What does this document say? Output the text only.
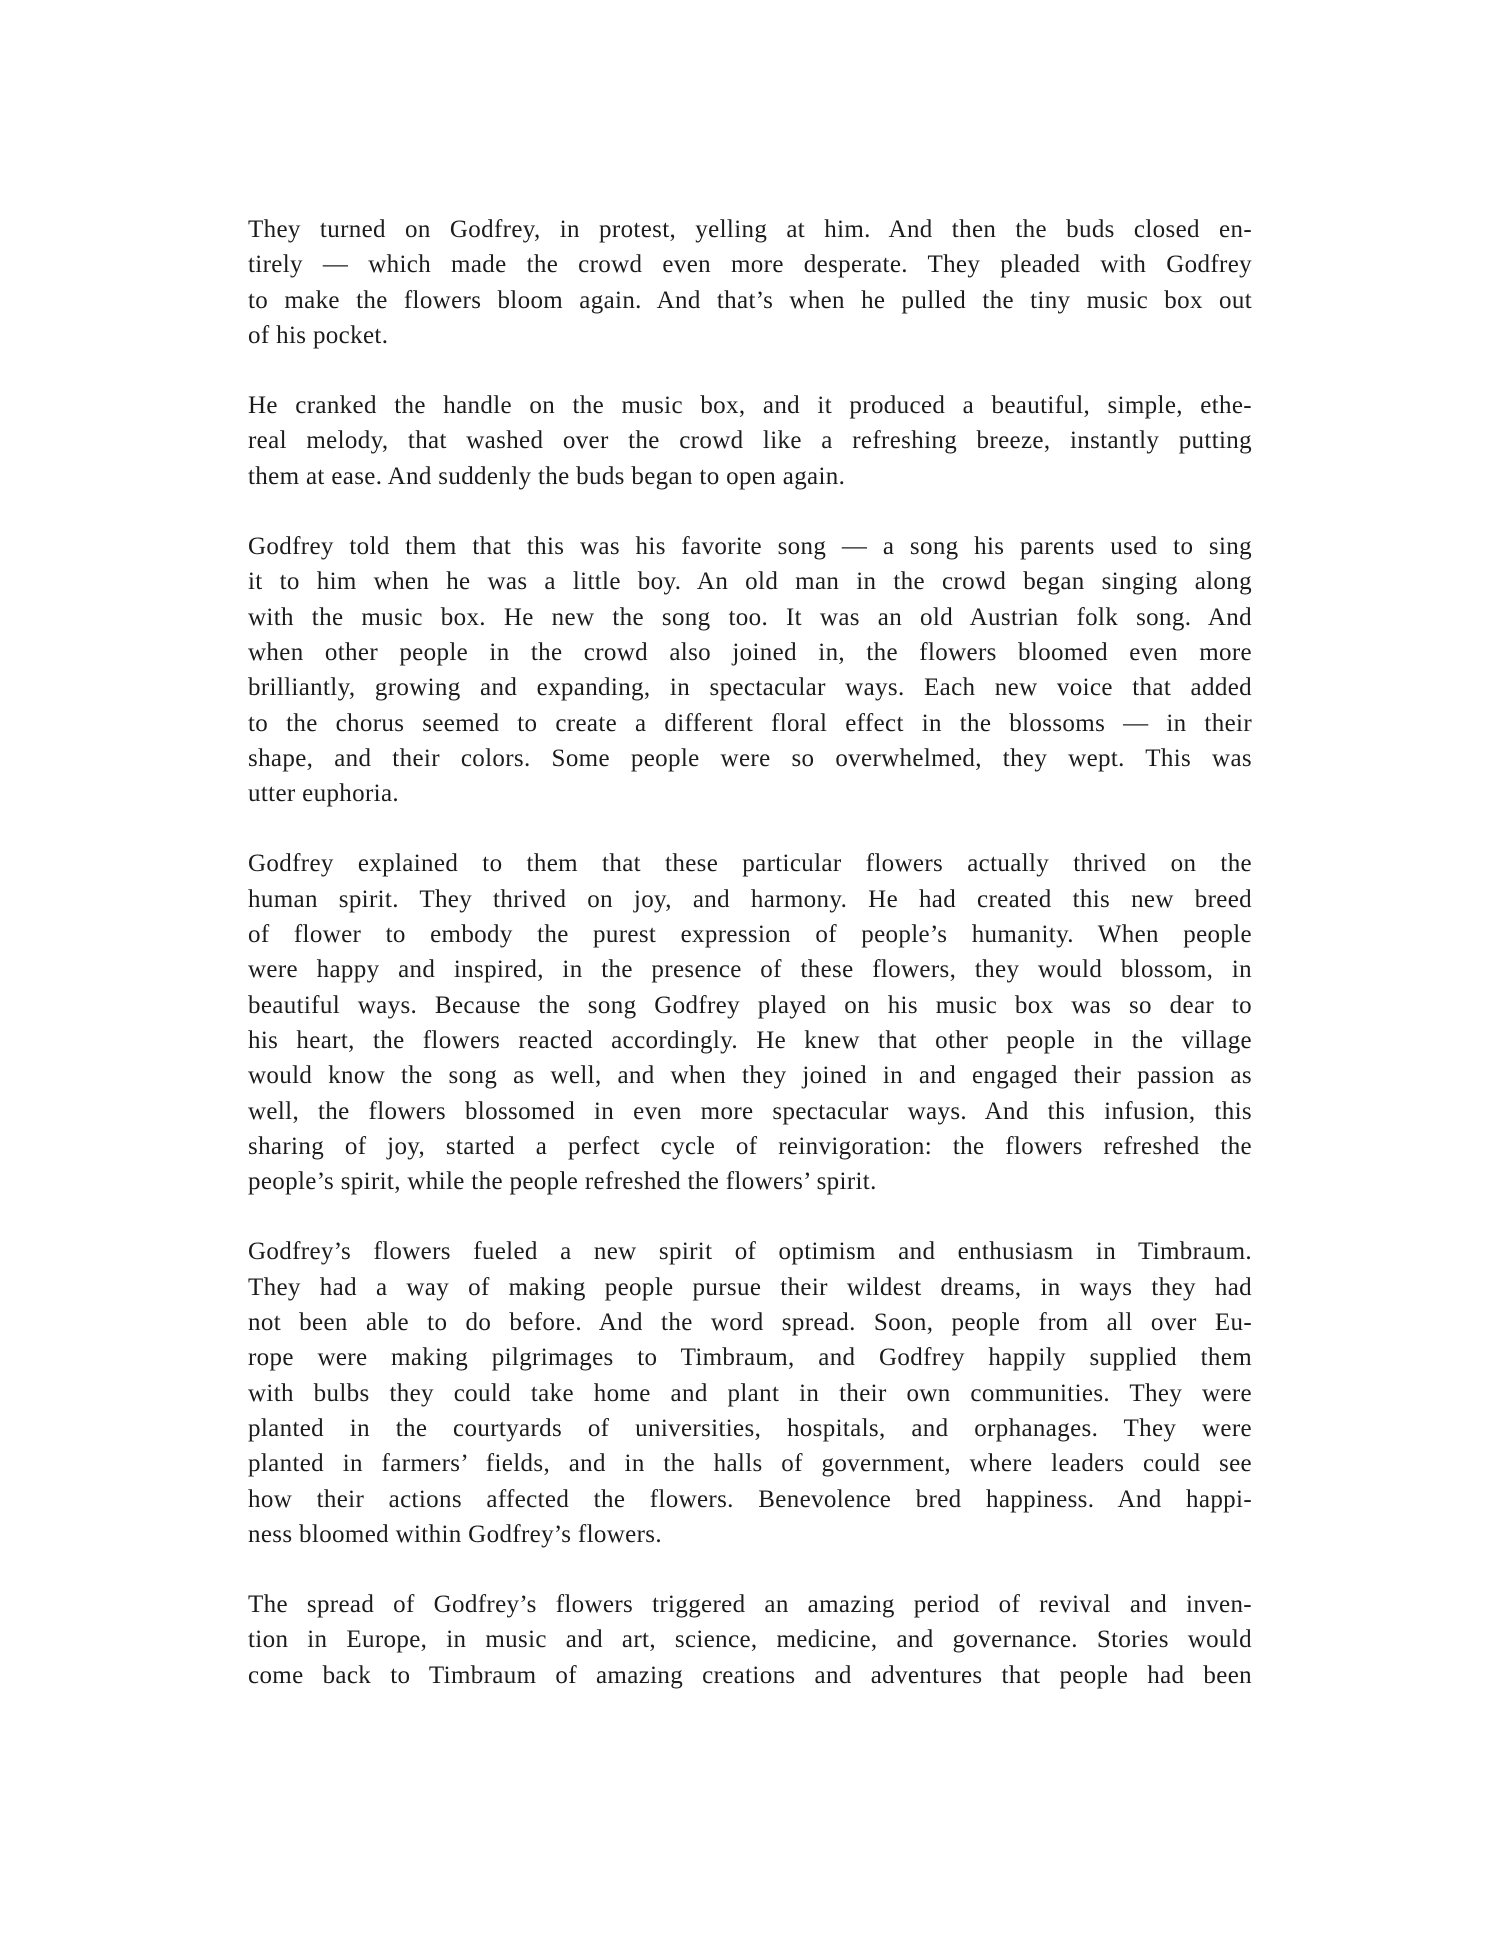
They turned on Godfrey, in protest, yelling at him. And then the buds closed en-
tirely — which made the crowd even more desperate. They pleaded with Godfrey
to make the flowers bloom again. And that’s when he pulled the tiny music box out
of his pocket.

He cranked the handle on the music box, and it produced a beautiful, simple, ethe-
real melody, that washed over the crowd like a refreshing breeze, instantly putting
them at ease. And suddenly the buds began to open again.

Godfrey told them that this was his favorite song — a song his parents used to sing
it to him when he was a little boy. An old man in the crowd began singing along
with the music box. He new the song too. It was an old Austrian folk song. And
when other people in the crowd also joined in, the flowers bloomed even more
brilliantly, growing and expanding, in spectacular ways. Each new voice that added
to the chorus seemed to create a different floral effect in the blossoms — in their
shape, and their colors. Some people were so overwhelmed, they wept. This was
utter euphoria.

Godfrey explained to them that these particular flowers actually thrived on the
human spirit. They thrived on joy, and harmony. He had created this new breed
of flower to embody the purest expression of people’s humanity. When people
were happy and inspired, in the presence of these flowers, they would blossom, in
beautiful ways. Because the song Godfrey played on his music box was so dear to
his heart, the flowers reacted accordingly. He knew that other people in the village
would know the song as well, and when they joined in and engaged their passion as
well, the flowers blossomed in even more spectacular ways. And this infusion, this
sharing of joy, started a perfect cycle of reinvigoration: the flowers refreshed the
people’s spirit, while the people refreshed the flowers’ spirit.

Godfrey’s flowers fueled a new spirit of optimism and enthusiasm in Timbraum.
They had a way of making people pursue their wildest dreams, in ways they had
not been able to do before. And the word spread. Soon, people from all over Eu-
rope were making pilgrimages to Timbraum, and Godfrey happily supplied them
with bulbs they could take home and plant in their own communities. They were
planted in the courtyards of universities, hospitals, and orphanages. They were
planted in farmers’ fields, and in the halls of government, where leaders could see
how their actions affected the flowers. Benevolence bred happiness. And happi-
ness bloomed within Godfrey’s flowers.

The spread of Godfrey’s flowers triggered an amazing period of revival and inven-
tion in Europe, in music and art, science, medicine, and governance. Stories would
come back to Timbraum of amazing creations and adventures that people had been
